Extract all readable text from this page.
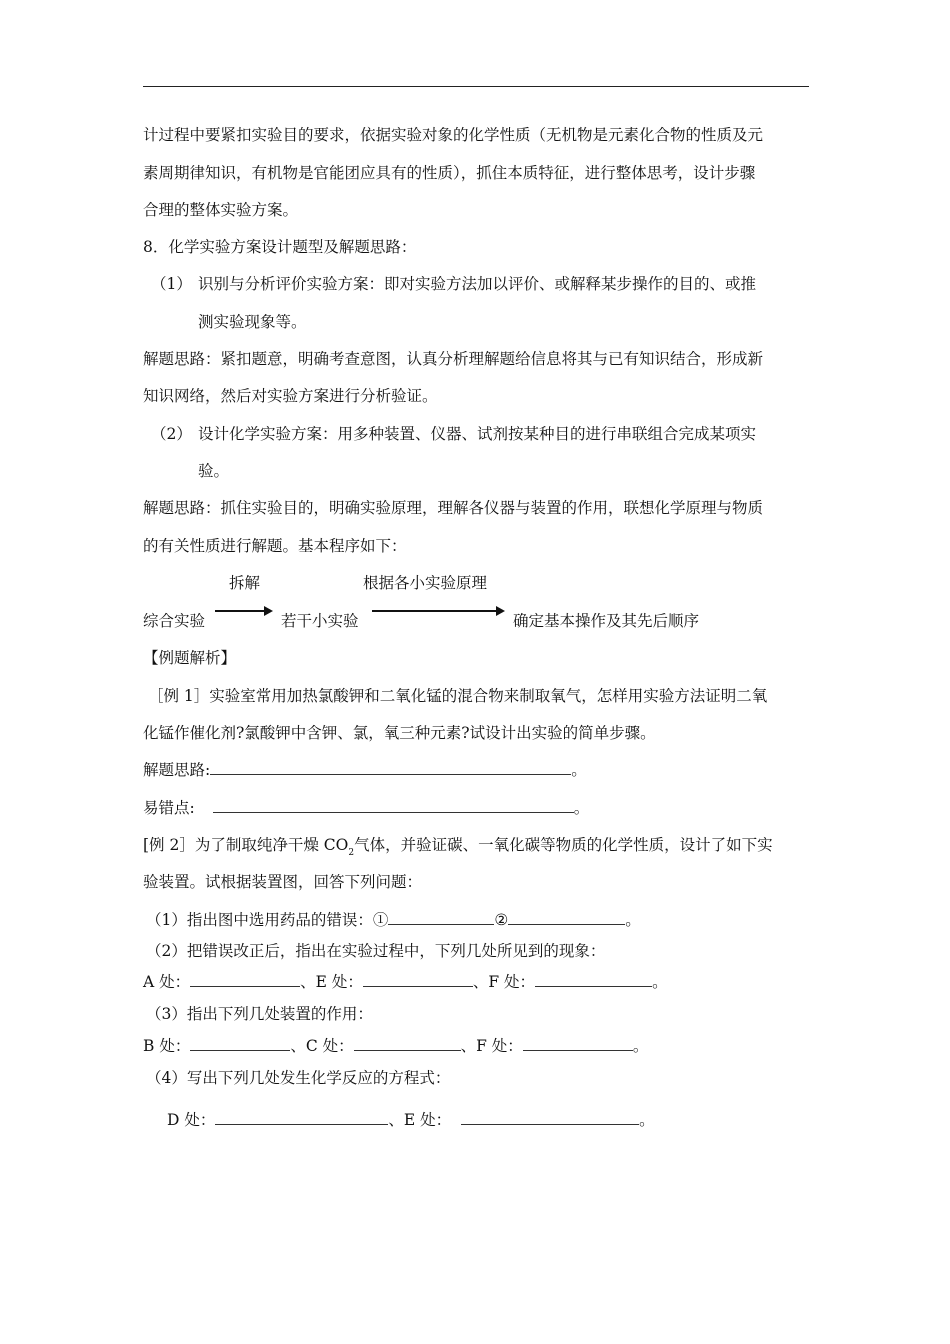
计过程中要紧扣实验目的要求，依据实验对象的化学性质（无机物是元素化合物的性质及元
素周期律知识，有机物是官能团应具有的性质），抓住本质特征，进行整体思考，设计步骤
合理的整体实验方案。
8．化学实验方案设计题型及解题思路：
（1） 识别与分析评价实验方案：即对实验方法加以评价、或解释某步操作的目的、或推
测实验现象等。
解题思路：紧扣题意，明确考查意图，认真分析理解题给信息将其与已有知识结合，形成新
知识网络，然后对实验方案进行分析验证。
（2） 设计化学实验方案：用多种装置、仪器、试剂按某种目的进行串联组合完成某项实
验。
解题思路：抓住实验目的，明确实验原理，理解各仪器与装置的作用，联想化学原理与物质
的有关性质进行解题。基本程序如下：
拆解	根据各小实验原理
综合实验	若干小实验	确定基本操作及其先后顺序
【例题解析】
［例 1］实验室常用加热氯酸钾和二氧化锰的混合物来制取氧气，怎样用实验方法证明二氧
化锰作催化剂?氯酸钾中含钾、氯，氧三种元素?试设计出实验的简单步骤。
解题思路:	。
易错点:	。
[例 2］为了制取纯净干燥 $CO_2$气体，并验证碳、一氧化碳等物质的化学性质，设计了如下实
验装置。试根据装置图，回答下列问题：
（1）指出图中选用药品的错误：①	②	。
（2）把错误改正后，指出在实验过程中，下列几处所见到的现象：
A 处：	、E 处：	、F 处：	。
（3）指出下列几处装置的作用：
B 处：	、C 处：	、F 处：	。
（4）写出下列几处发生化学反应的方程式：
D 处：	、E 处：	。
